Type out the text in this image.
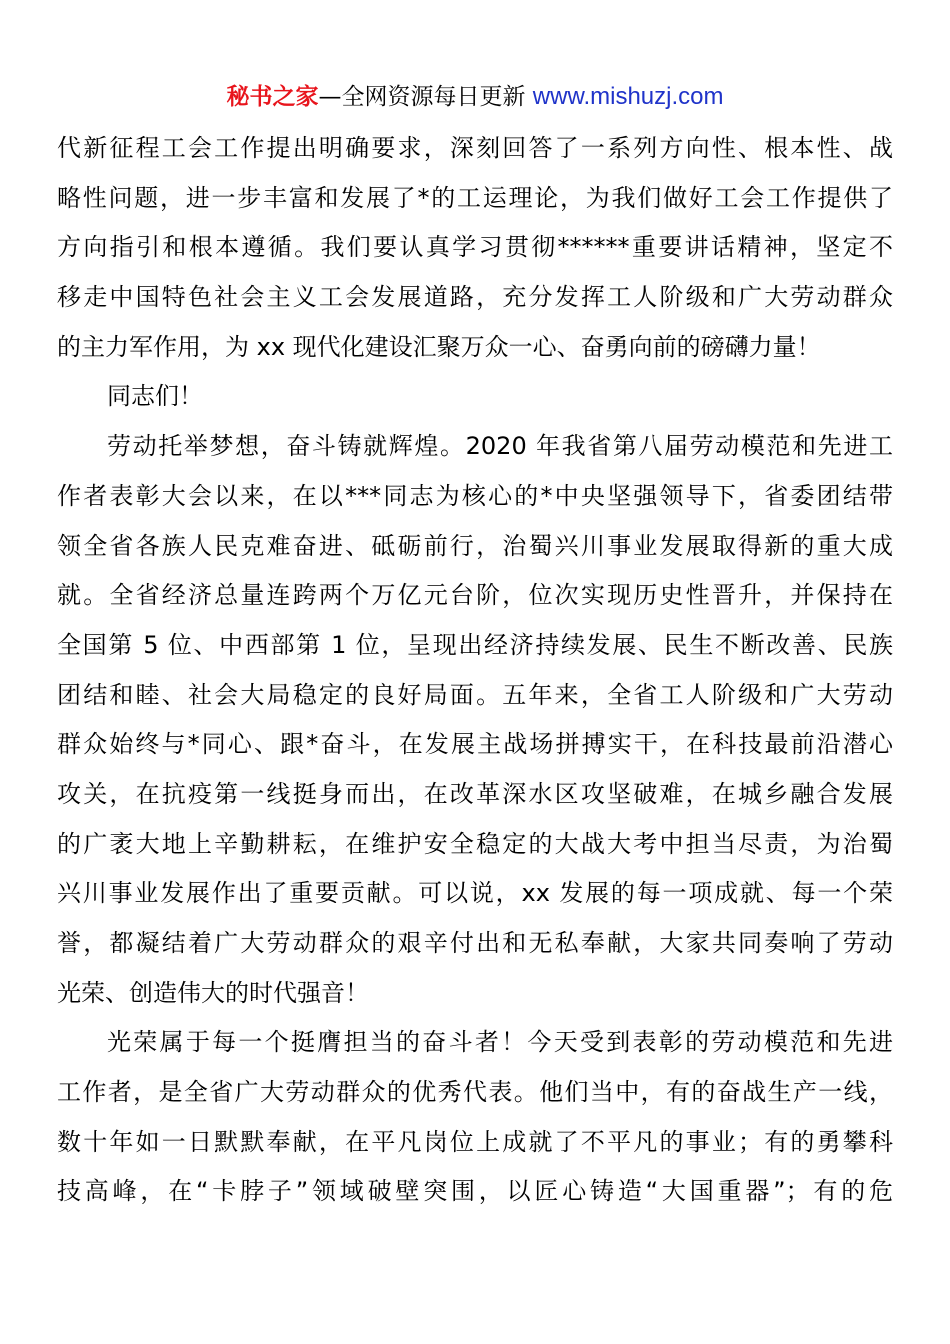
秘书之家—全网资源每日更新 www.mishuzj.com
代新征程工会工作提出明确要求，深刻回答了一系列方向性、根本性、战
略性问题，进一步丰富和发展了*的工运理论，为我们做好工会工作提供了
方向指引和根本遵循。我们要认真学习贯彻******重要讲话精神，坚定不
移走中国特色社会主义工会发展道路，充分发挥工人阶级和广大劳动群众
的主力军作用，为 xx 现代化建设汇聚万众一心、奋勇向前的磅礴力量！
同志们！
劳动托举梦想，奋斗铸就辉煌。2020 年我省第八届劳动模范和先进工
作者表彰大会以来，在以***同志为核心的*中央坚强领导下，省委团结带
领全省各族人民克难奋进、砥砺前行，治蜀兴川事业发展取得新的重大成
就。全省经济总量连跨两个万亿元台阶，位次实现历史性晋升，并保持在
全国第 5 位、中西部第 1 位，呈现出经济持续发展、民生不断改善、民族
团结和睦、社会大局稳定的良好局面。五年来，全省工人阶级和广大劳动
群众始终与*同心、跟*奋斗，在发展主战场拼搏实干，在科技最前沿潜心
攻关，在抗疫第一线挺身而出，在改革深水区攻坚破难，在城乡融合发展
的广袤大地上辛勤耕耘，在维护安全稳定的大战大考中担当尽责，为治蜀
兴川事业发展作出了重要贡献。可以说，xx 发展的每一项成就、每一个荣
誉，都凝结着广大劳动群众的艰辛付出和无私奉献，大家共同奏响了劳动
光荣、创造伟大的时代强音！
光荣属于每一个挺膺担当的奋斗者！今天受到表彰的劳动模范和先进
工作者，是全省广大劳动群众的优秀代表。他们当中，有的奋战生产一线，
数十年如一日默默奉献，在平凡岗位上成就了不平凡的事业；有的勇攀科
技高峰，在“卡脖子”领域破壁突围，以匠心铸造“大国重器”；有的危
